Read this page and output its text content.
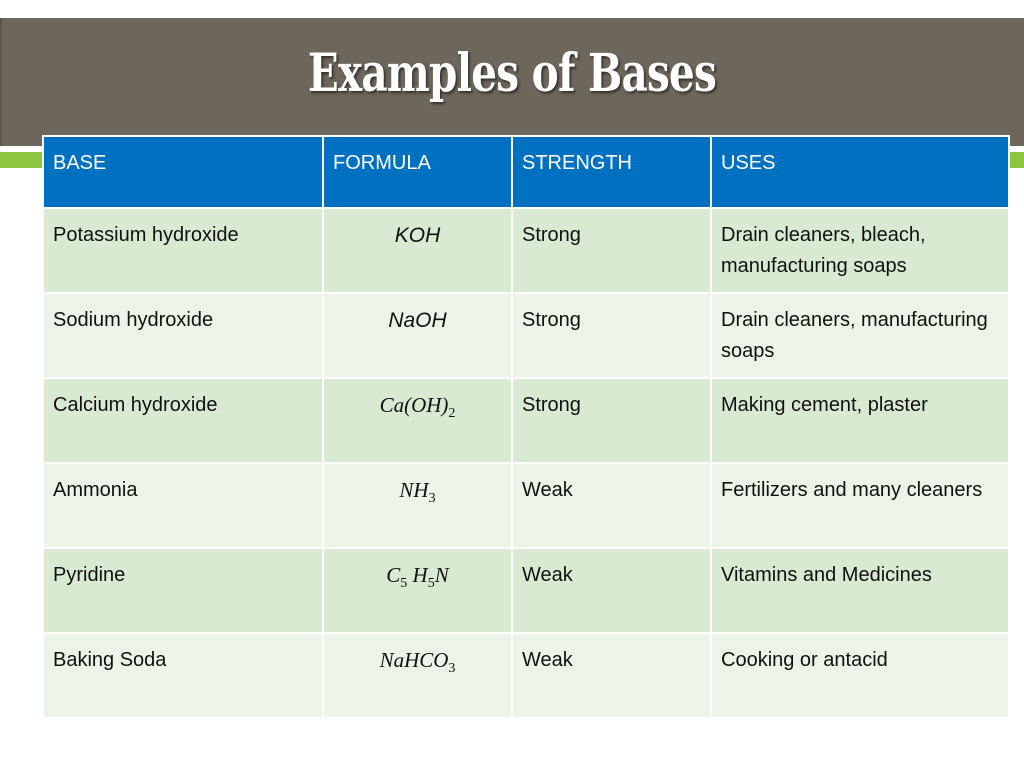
Examples of Bases
BASE	FORMULA	STRENGTH	USES
Potassium hydroxide	KOH	Strong	Drain cleaners, bleach, manufacturing soaps
Sodium hydroxide	NaOH	Strong	Drain cleaners, manufacturing soaps
Calcium hydroxide	$Ca(OH)_2$	Strong	Making cement, plaster
Ammonia	$NH_3$	Weak	Fertilizers and many cleaners
Pyridine	$C_5$ $H_5N$	Weak	Vitamins and Medicines
Baking Soda	NaHCO$_3$	Weak	Cooking or antacid
